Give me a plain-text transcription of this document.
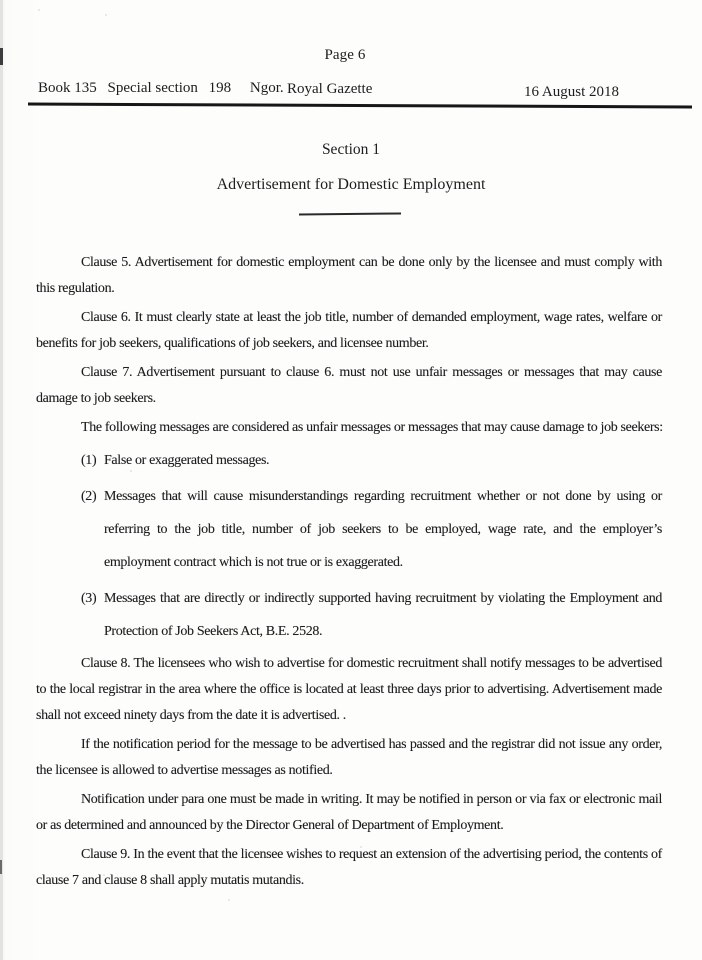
Page 6
Book 135 Special section 198 Ngor. Royal Gazette	16 August 2018
Section 1
Advertisement for Domestic Employment

Clause 5. Advertisement for domestic employment can be done only by the licensee and must comply with this regulation.

Clause 6. It must clearly state at least the job title, number of demanded employment, wage rates, welfare or benefits for job seekers, qualifications of job seekers, and licensee number.

Clause 7. Advertisement pursuant to clause 6. must not use unfair messages or messages that may cause damage to job seekers.

The following messages are considered as unfair messages or messages that may cause damage to job seekers:

(1) False or exaggerated messages.
(2) Messages that will cause misunderstandings regarding recruitment whether or not done by using or referring to the job title, number of job seekers to be employed, wage rate, and the employer’s employment contract which is not true or is exaggerated.
(3) Messages that are directly or indirectly supported having recruitment by violating the Employment and Protection of Job Seekers Act, B.E. 2528.

Clause 8. The licensees who wish to advertise for domestic recruitment shall notify messages to be advertised to the local registrar in the area where the office is located at least three days prior to advertising. Advertisement made shall not exceed ninety days from the date it is advertised. .

If the notification period for the message to be advertised has passed and the registrar did not issue any order, the licensee is allowed to advertise messages as notified.

Notification under para one must be made in writing. It may be notified in person or via fax or electronic mail or as determined and announced by the Director General of Department of Employment.

Clause 9. In the event that the licensee wishes to request an extension of the advertising period, the contents of clause 7 and clause 8 shall apply mutatis mutandis.
